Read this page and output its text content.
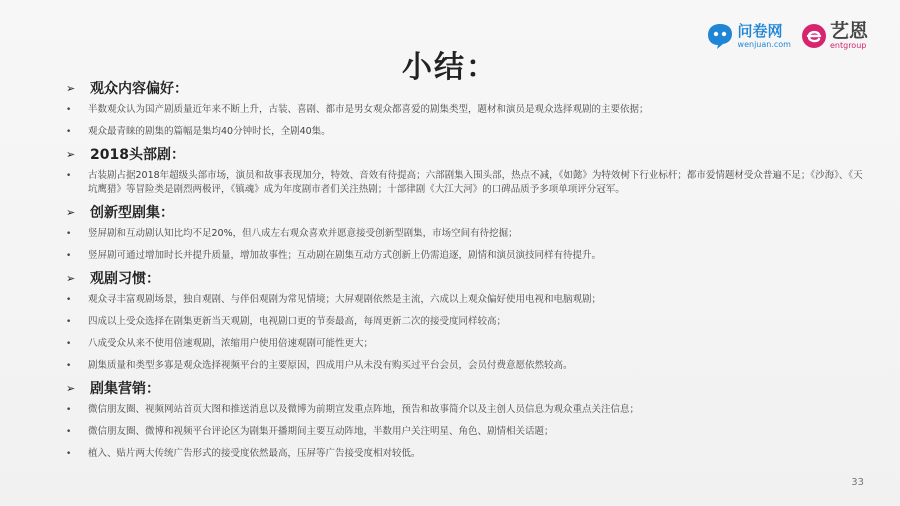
小结：
问卷网
wenjuan.com
艺恩
entgroup
➢	观众内容偏好：
•	半数观众认为国产剧质量近年来不断上升，古装、喜剧、都市是男女观众都喜爱的剧集类型，题材和演员是观众选择观剧的主要依据；
•	观众最青睐的剧集的篇幅是集均40分钟时长，全剧40集。
➢	2018头部剧：
•	古装剧占据2018年超级头部市场，演员和故事表现加分，特效、音效有待提高；六部剧集入围头部，热点不减，《如懿》为特效树下行业标杆；都市爱情题材受众普遍不足；《沙海》、《天坑鹰猎》等冒险类是剧烈两极评，《镇魂》成为年度剧市者们关注热剧；十部律剧《大江大河》的口碑品质予多项单项评分冠军。
➢	创新型剧集：
•	竖屏剧和互动剧认知比均不足20%，但八成左右观众喜欢并愿意接受创新型剧集，市场空间有待挖掘；
•	竖屏剧可通过增加时长并提升质量，增加故事性；互动剧在剧集互动方式创新上仍需追逐，剧情和演员演技同样有待提升。
➢	观剧习惯：
•	观众寻丰富观剧场景，独自观剧、与伴侣观剧为常见情境；大屏观剧依然是主流，六成以上观众偏好使用电视和电脑观剧；
•	四成以上受众选择在剧集更新当天观剧，电视剧口更的节奏最高，每周更新二次的接受度同样较高；
•	八成受众从来不使用倍速观剧，浓缩用户使用倍速观剧可能性更大；
•	剧集质量和类型多寡是观众选择视频平台的主要原因，四成用户从未没有购买过平台会员，会员付费意愿依然较高。
➢	剧集营销：
•	微信朋友圈、视频网站首页大图和推送消息以及微博为前期宣发重点阵地，预告和故事简介以及主创人员信息为观众重点关注信息；
•	微信朋友圈、微博和视频平台评论区为剧集开播期间主要互动阵地，半数用户关注明星、角色、剧情相关话题；
•	植入、贴片两大传统广告形式的接受度依然最高，压屏等广告接受度相对较低。
33
